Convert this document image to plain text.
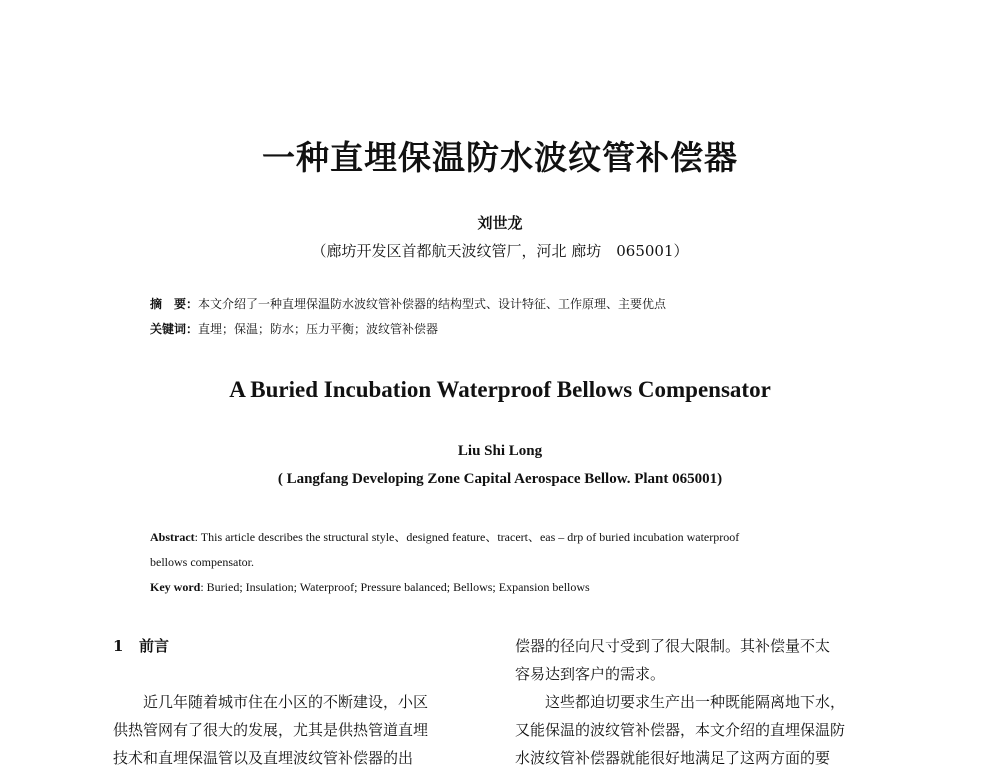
一种直埋保温防水波纹管补偿器
刘世龙
（廊坊开发区首都航天波纹管厂，河北 廊坊　065001）
摘　要：本文介绍了一种直埋保温防水波纹管补偿器的结构型式、设计特征、工作原理、主要优点
关键词：直埋；保温；防水；压力平衡；波纹管补偿器
A Buried Incubation Waterproof Bellows Compensator
Liu Shi Long
( Langfang Developing Zone Capital Aerospace Bellow. Plant 065001)
Abstract: This article describes the structural style、designed feature、tracert、eas – drp of buried incubation waterproof
bellows compensator.
Key word: Buried; Insulation; Waterproof; Pressure balanced; Bellows; Expansion bellows
1 前言
近几年随着城市住在小区的不断建设，小区
供热管网有了很大的发展，尤其是供热管道直埋
技术和直埋保温管以及直埋波纹管补偿器的出
偿器的径向尺寸受到了很大限制。其补偿量不太
容易达到客户的需求。
这些都迫切要求生产出一种既能隔离地下水，
又能保温的波纹管补偿器，本文介绍的直埋保温防
水波纹管补偿器就能很好地满足了这两方面的要
